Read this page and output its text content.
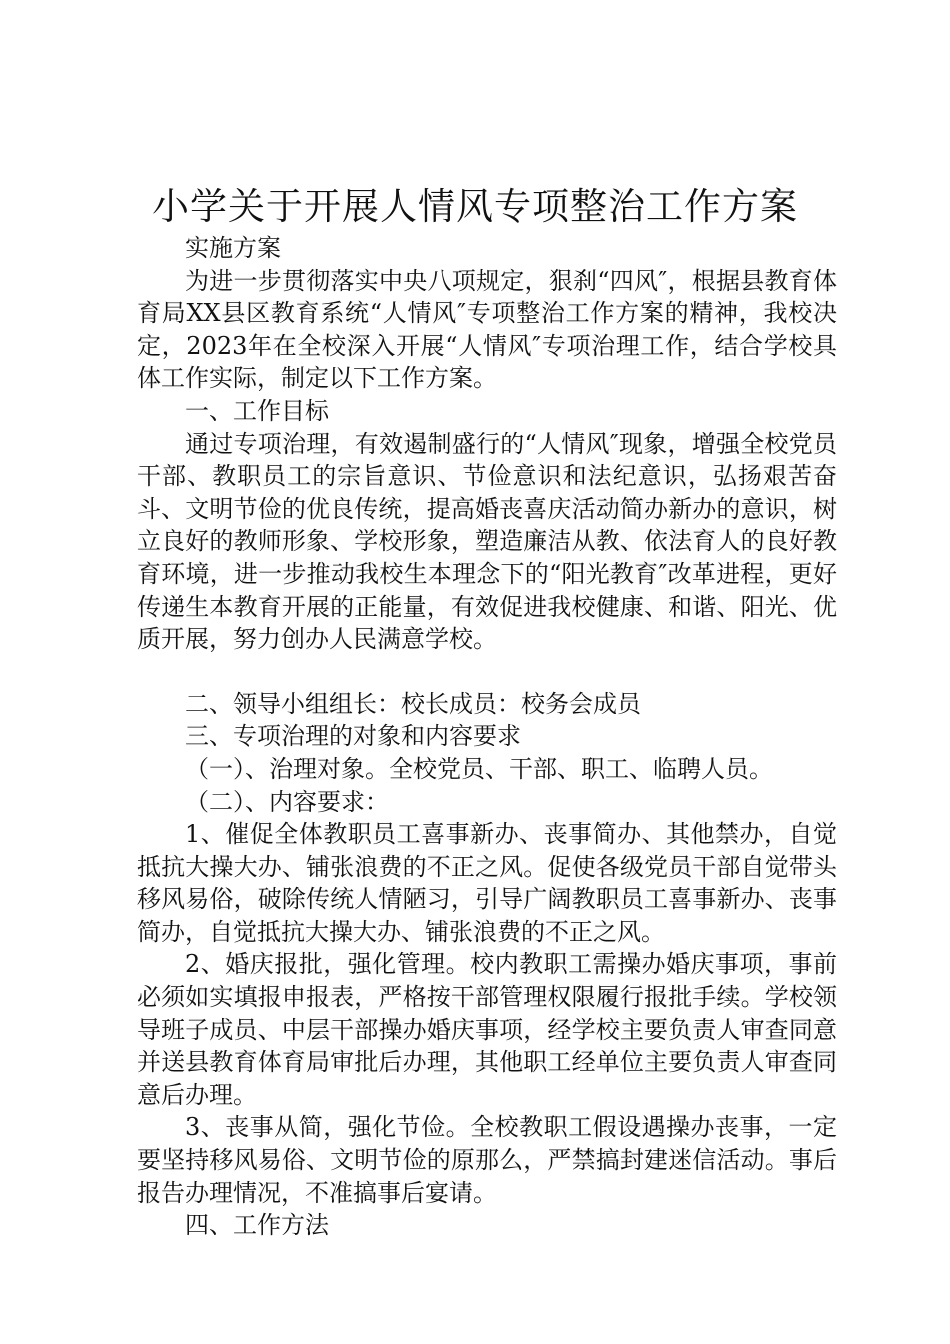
小学关于开展人情风专项整治工作方案

实施方案

为进一步贯彻落实中央八项规定，狠刹“四风″，根据县教育体育局XX县区教育系统“人情风″专项整治工作方案的精神，我校决定，2023年在全校深入开展“人情风″专项治理工作，结合学校具体工作实际，制定以下工作方案。

一、工作目标

通过专项治理，有效遏制盛行的“人情风″现象，增强全校党员干部、教职员工的宗旨意识、节俭意识和法纪意识，弘扬艰苦奋斗、文明节俭的优良传统，提高婚丧喜庆活动简办新办的意识，树立良好的教师形象、学校形象，塑造廉洁从教、依法育人的良好教育环境，进一步推动我校生本理念下的“阳光教育″改革进程，更好传递生本教育开展的正能量，有效促进我校健康、和谐、阳光、优质开展，努力创办人民满意学校。

二、领导小组组长：校长成员：校务会成员

三、专项治理的对象和内容要求

（一）、治理对象。全校党员、干部、职工、临聘人员。

（二）、内容要求：

1、催促全体教职员工喜事新办、丧事简办、其他禁办，自觉抵抗大操大办、铺张浪费的不正之风。促使各级党员干部自觉带头移风易俗，破除传统人情陋习，引导广阔教职员工喜事新办、丧事简办，自觉抵抗大操大办、铺张浪费的不正之风。

2、婚庆报批，强化管理。校内教职工需操办婚庆事项，事前必须如实填报申报表，严格按干部管理权限履行报批手续。学校领导班子成员、中层干部操办婚庆事项，经学校主要负责人审查同意并送县教育体育局审批后办理，其他职工经单位主要负责人审查同意后办理。

3、丧事从简，强化节俭。全校教职工假设遇操办丧事，一定要坚持移风易俗、文明节俭的原那么，严禁搞封建迷信活动。事后报告办理情况，不准搞事后宴请。

四、工作方法
